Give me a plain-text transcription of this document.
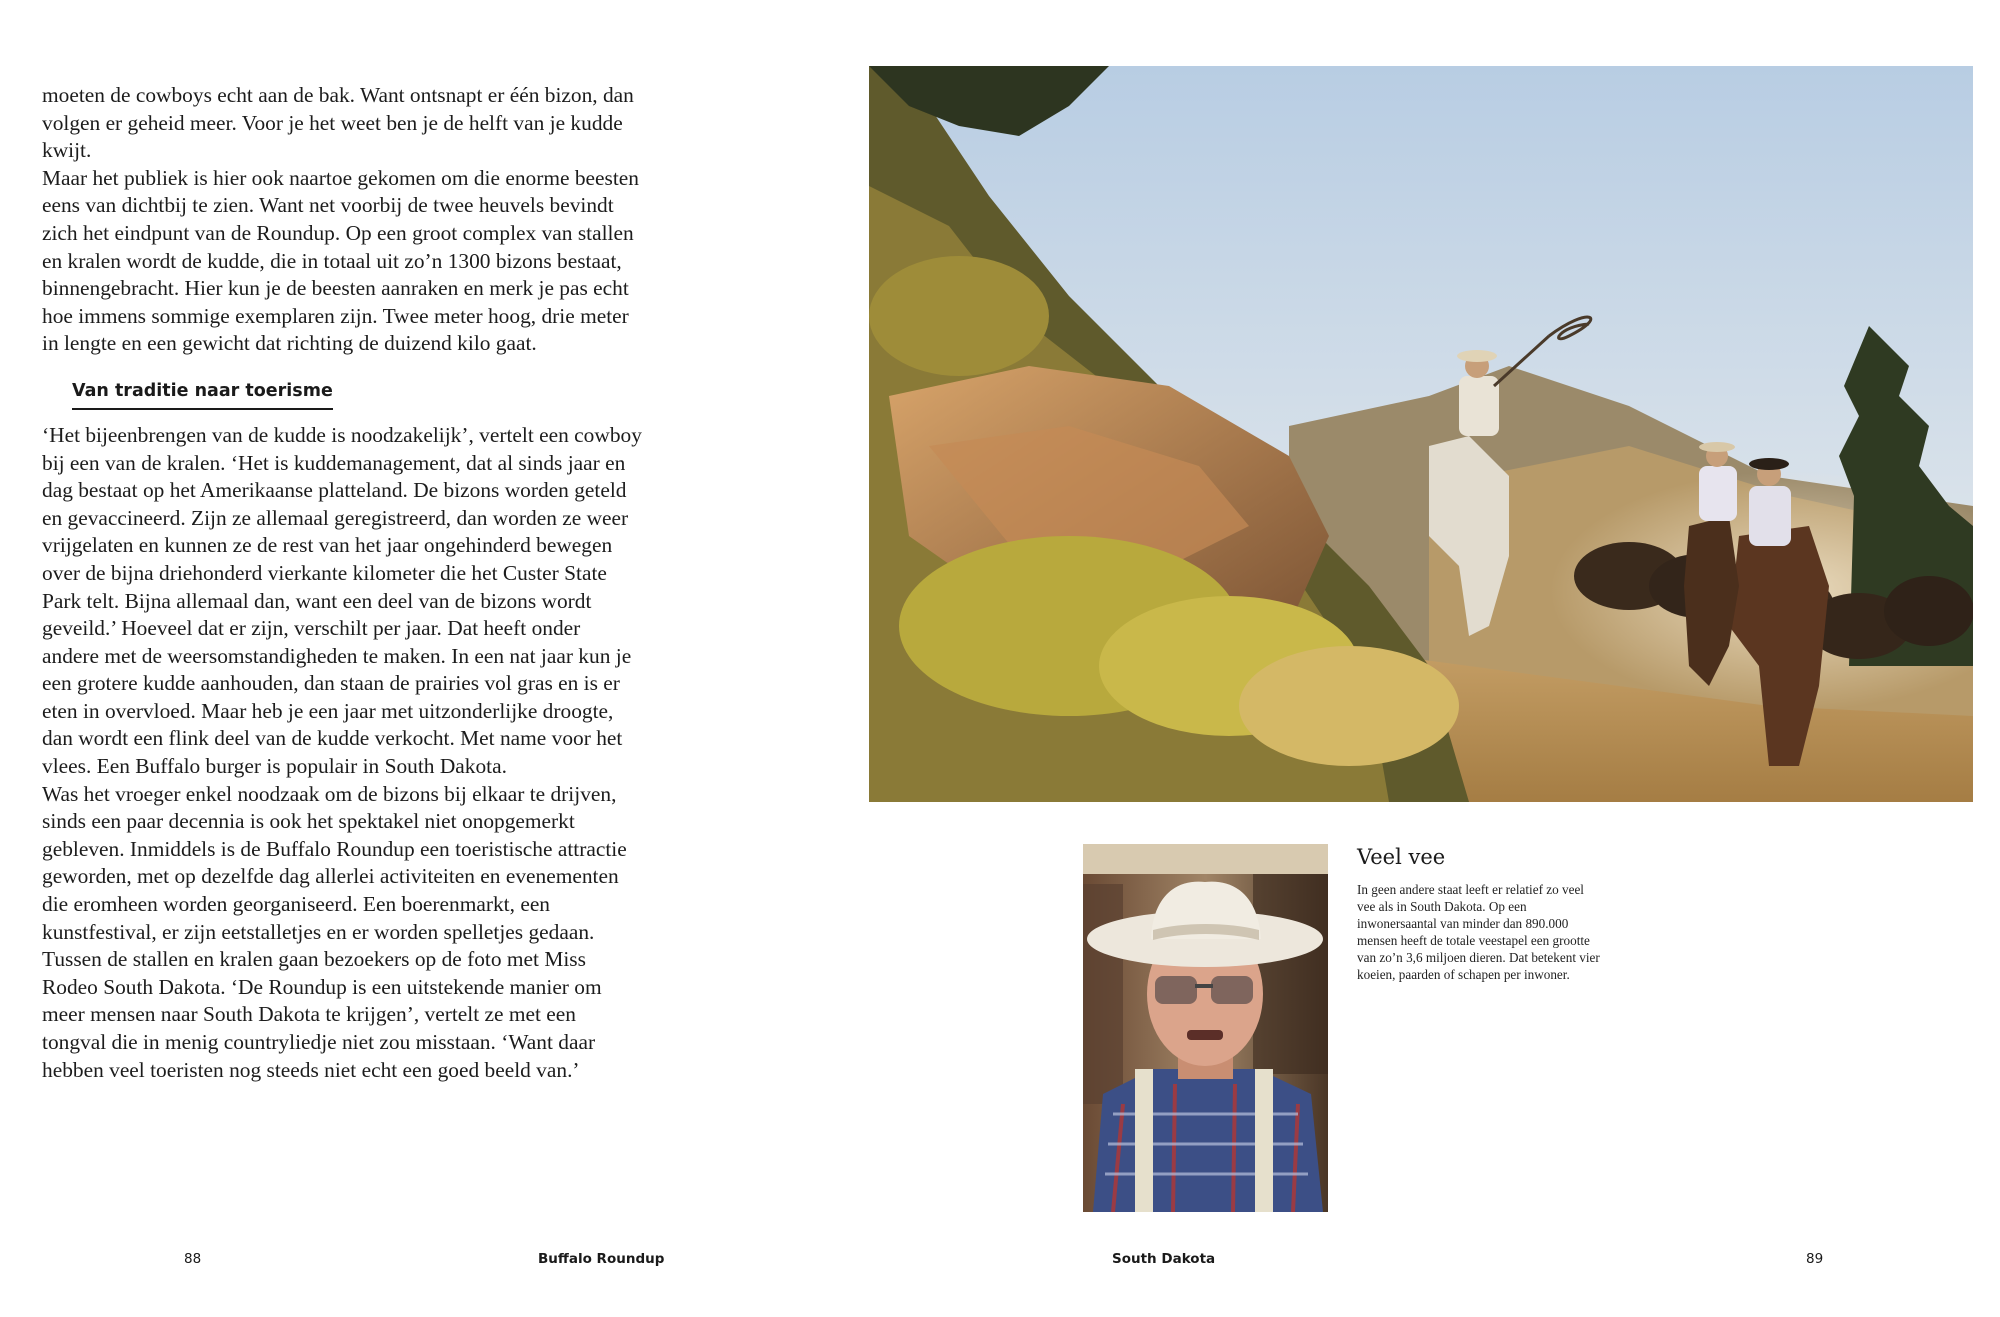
moeten de cowboys echt aan de bak. Want ontsnapt er één bizon, dan volgen er geheid meer. Voor je het weet ben je de helft van je kudde kwijt.

Maar het publiek is hier ook naartoe gekomen om die enorme beesten eens van dichtbij te zien. Want net voorbij de twee heuvels bevindt zich het eindpunt van de Roundup. Op een groot complex van stallen en kralen wordt de kudde, die in totaal uit zo’n 1300 bizons bestaat, binnengebracht. Hier kun je de beesten aanraken en merk je pas echt hoe immens sommige exemplaren zijn. Twee meter hoog, drie meter in lengte en een gewicht dat richting de duizend kilo gaat.

Van traditie naar toerisme

‘Het bijeenbrengen van de kudde is noodzakelijk’, vertelt een cowboy bij een van de kralen. ‘Het is kuddemanagement, dat al sinds jaar en dag bestaat op het Amerikaanse platteland. De bizons worden geteld en gevaccineerd. Zijn ze allemaal geregistreerd, dan worden ze weer vrijgelaten en kunnen ze de rest van het jaar ongehinderd bewegen over de bijna driehonderd vierkante kilometer die het Custer State Park telt. Bijna allemaal dan, want een deel van de bizons wordt geveild.’ Hoeveel dat er zijn, verschilt per jaar. Dat heeft onder andere met de weersomstandigheden te maken. In een nat jaar kun je een grotere kudde aanhouden, dan staan de prairies vol gras en is er eten in overvloed. Maar heb je een jaar met uitzonderlijke droogte, dan wordt een flink deel van de kudde verkocht. Met name voor het vlees. Een Buffalo burger is populair in South Dakota.

Was het vroeger enkel noodzaak om de bizons bij elkaar te drijven, sinds een paar decennia is ook het spektakel niet onopgemerkt gebleven. Inmiddels is de Buffalo Roundup een toeristische attractie geworden, met op dezelfde dag allerlei activiteiten en evenementen die eromheen worden georganiseerd. Een boerenmarkt, een kunstfestival, er zijn eetstalletjes en er worden spelletjes gedaan. Tussen de stallen en kralen gaan bezoekers op de foto met Miss Rodeo South Dakota. ‘De Roundup is een uitstekende manier om meer mensen naar South Dakota te krijgen’, vertelt ze met een tongval die in menig countryliedje niet zou misstaan. ‘Want daar hebben veel toeristen nog steeds niet echt een goed beeld van.’

Veel vee

In geen andere staat leeft er relatief zo veel vee als in South Dakota. Op een inwonersaantal van minder dan 890.000 mensen heeft de totale veestapel een grootte van zo’n 3,6 miljoen dieren. Dat betekent vier koeien, paarden of schapen per inwoner.

88	Buffalo Roundup	South Dakota	89
